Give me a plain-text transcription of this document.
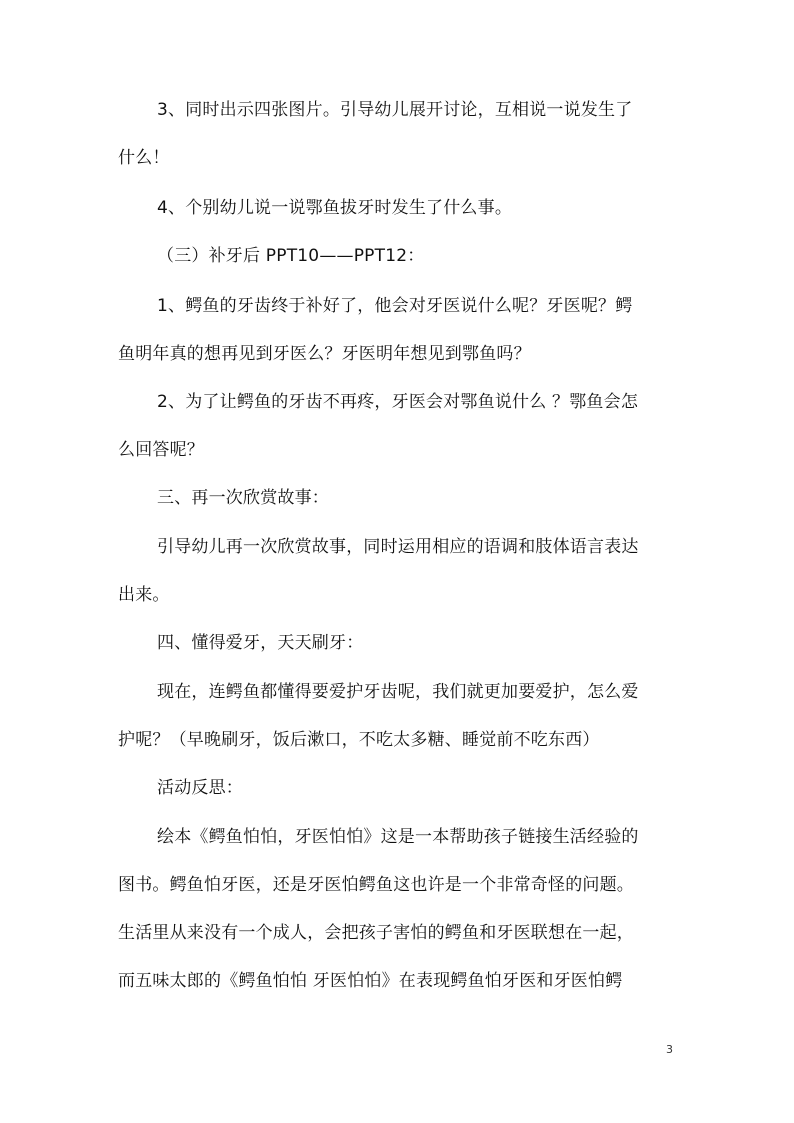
3、同时出示四张图片。引导幼儿展开讨论，互相说一说发生了
什么！
4、个别幼儿说一说鄂鱼拔牙时发生了什么事。
（三）补牙后 PPT10——PPT12：
1、鳄鱼的牙齿终于补好了，他会对牙医说什么呢？牙医呢？鳄
鱼明年真的想再见到牙医么？牙医明年想见到鄂鱼吗？
2、为了让鳄鱼的牙齿不再疼，牙医会对鄂鱼说什么 ？鄂鱼会怎
么回答呢？
三、再一次欣赏故事：
引导幼儿再一次欣赏故事，同时运用相应的语调和肢体语言表达
出来。
四、懂得爱牙，天天刷牙：
现在，连鳄鱼都懂得要爱护牙齿呢，我们就更加要爱护，怎么爱
护呢？（早晚刷牙，饭后漱口，不吃太多糖、睡觉前不吃东西）
活动反思：
绘本《鳄鱼怕怕，牙医怕怕》这是一本帮助孩子链接生活经验的
图书。鳄鱼怕牙医，还是牙医怕鳄鱼这也许是一个非常奇怪的问题。
生活里从来没有一个成人，会把孩子害怕的鳄鱼和牙医联想在一起，
而五味太郎的《鳄鱼怕怕 牙医怕怕》在表现鳄鱼怕牙医和牙医怕鳄
3
